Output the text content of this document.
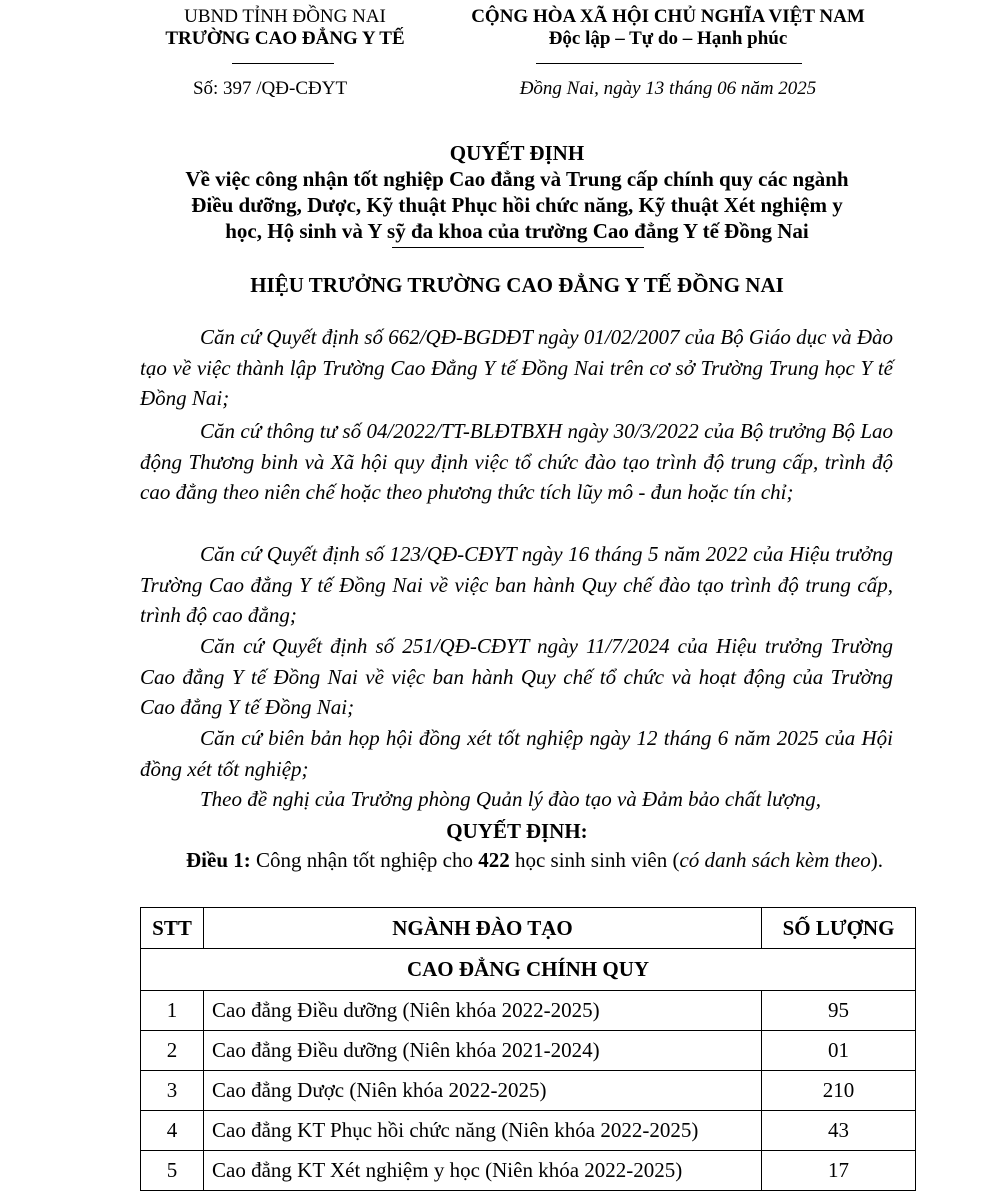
UBND TỈNH ĐỒNG NAI
TRƯỜNG CAO ĐẲNG Y TẾ
Số: 397 /QĐ-CĐYT
CỘNG HÒA XÃ HỘI CHỦ NGHĨA VIỆT NAM
Độc lập – Tự do – Hạnh phúc
Đồng Nai, ngày 13 tháng 06 năm 2025
QUYẾT ĐỊNH
Về việc công nhận tốt nghiệp Cao đẳng và Trung cấp chính quy các ngành
Điều dưỡng, Dược, Kỹ thuật Phục hồi chức năng, Kỹ thuật Xét nghiệm y
học, Hộ sinh và Y sỹ đa khoa của trường Cao đẳng Y tế Đồng Nai
HIỆU TRƯỞNG TRƯỜNG CAO ĐẲNG Y TẾ ĐỒNG NAI
Căn cứ Quyết định số 662/QĐ-BGDĐT ngày 01/02/2007 của Bộ Giáo dục và Đào tạo về việc thành lập Trường Cao Đẳng Y tế Đồng Nai trên cơ sở Trường Trung học Y tế Đồng Nai;
Căn cứ thông tư số 04/2022/TT-BLĐTBXH ngày 30/3/2022 của Bộ trưởng Bộ Lao động Thương binh và Xã hội quy định việc tổ chức đào tạo trình độ trung cấp, trình độ cao đẳng theo niên chế hoặc theo phương thức tích lũy mô - đun hoặc tín chỉ;
Căn cứ Quyết định số 123/QĐ-CĐYT ngày 16 tháng 5 năm 2022 của Hiệu trưởng Trường Cao đẳng Y tế Đồng Nai về việc ban hành Quy chế đào tạo trình độ trung cấp, trình độ cao đẳng;
Căn cứ Quyết định số 251/QĐ-CĐYT ngày 11/7/2024 của Hiệu trưởng Trường Cao đẳng Y tế Đồng Nai về việc ban hành Quy chế tổ chức và hoạt động của Trường Cao đẳng Y tế Đồng Nai;
Căn cứ biên bản họp hội đồng xét tốt nghiệp ngày 12 tháng 6 năm 2025 của Hội đồng xét tốt nghiệp;
Theo đề nghị của Trưởng phòng Quản lý đào tạo và Đảm bảo chất lượng,
QUYẾT ĐỊNH:
Điều 1: Công nhận tốt nghiệp cho 422 học sinh sinh viên (có danh sách kèm theo).
STT	NGÀNH ĐÀO TẠO	SỐ LƯỢNG
CAO ĐẲNG CHÍNH QUY		
1	Cao đẳng Điều dưỡng (Niên khóa 2022-2025)	95
2	Cao đẳng Điều dưỡng (Niên khóa 2021-2024)	01
3	Cao đẳng Dược (Niên khóa 2022-2025)	210
4	Cao đẳng KT Phục hồi chức năng (Niên khóa 2022-2025)	43
5	Cao đẳng KT Xét nghiệm y học (Niên khóa 2022-2025)	17
